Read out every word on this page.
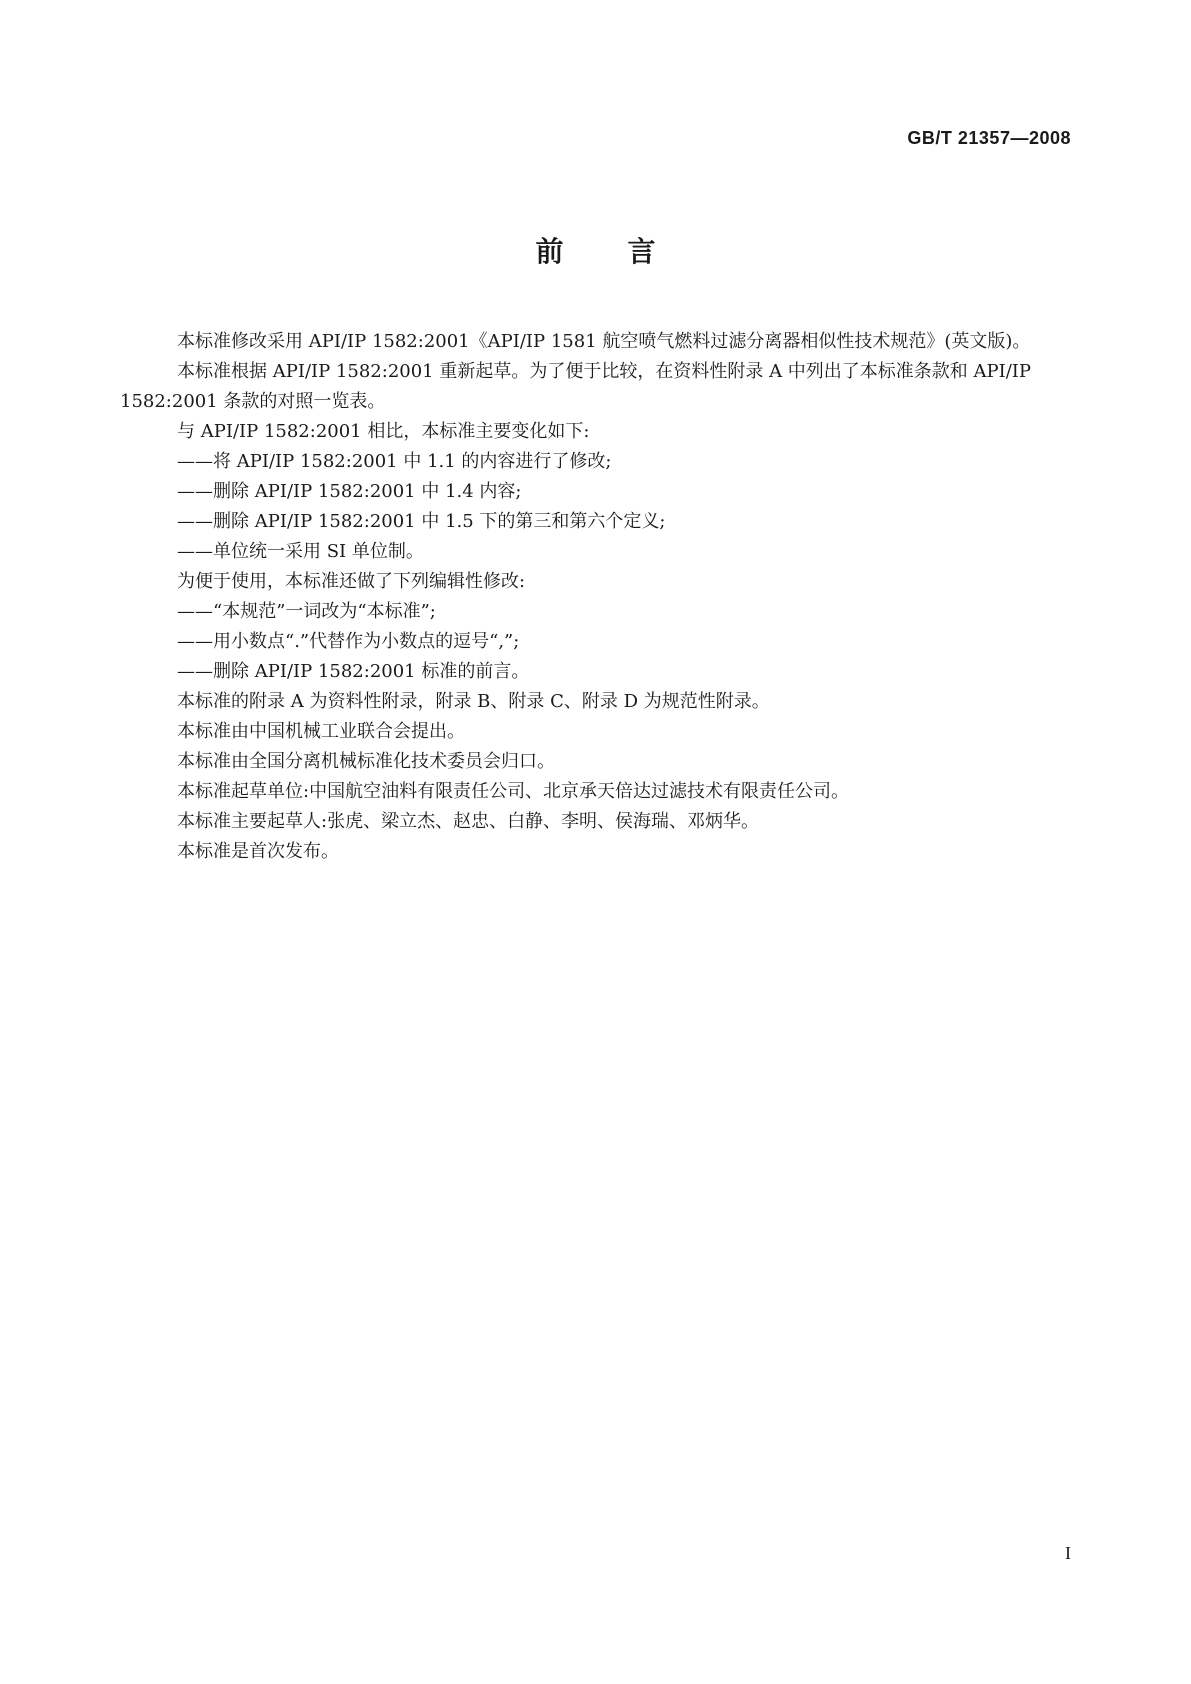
GB/T 21357—2008
前言

本标准修改采用 API/IP 1582:2001《API/IP 1581 航空喷气燃料过滤分离器相似性技术规范》(英文版)。

本标准根据 API/IP 1582:2001 重新起草。为了便于比较，在资料性附录 A 中列出了本标准条款和 API/IP 1582:2001 条款的对照一览表。

与 API/IP 1582:2001 相比，本标准主要变化如下:

——将 API/IP 1582:2001 中 1.1 的内容进行了修改;

——删除 API/IP 1582:2001 中 1.4 内容;

——删除 API/IP 1582:2001 中 1.5 下的第三和第六个定义;

——单位统一采用 SI 单位制。

为便于使用，本标准还做了下列编辑性修改:

——“本规范”一词改为“本标准”;

——用小数点“.”代替作为小数点的逗号“,”;

——删除 API/IP 1582:2001 标准的前言。

本标准的附录 A 为资料性附录，附录 B、附录 C、附录 D 为规范性附录。

本标准由中国机械工业联合会提出。

本标准由全国分离机械标准化技术委员会归口。

本标准起草单位:中国航空油料有限责任公司、北京承天倍达过滤技术有限责任公司。

本标准主要起草人:张虎、梁立杰、赵忠、白静、李明、侯海瑞、邓炳华。

本标准是首次发布。

I
